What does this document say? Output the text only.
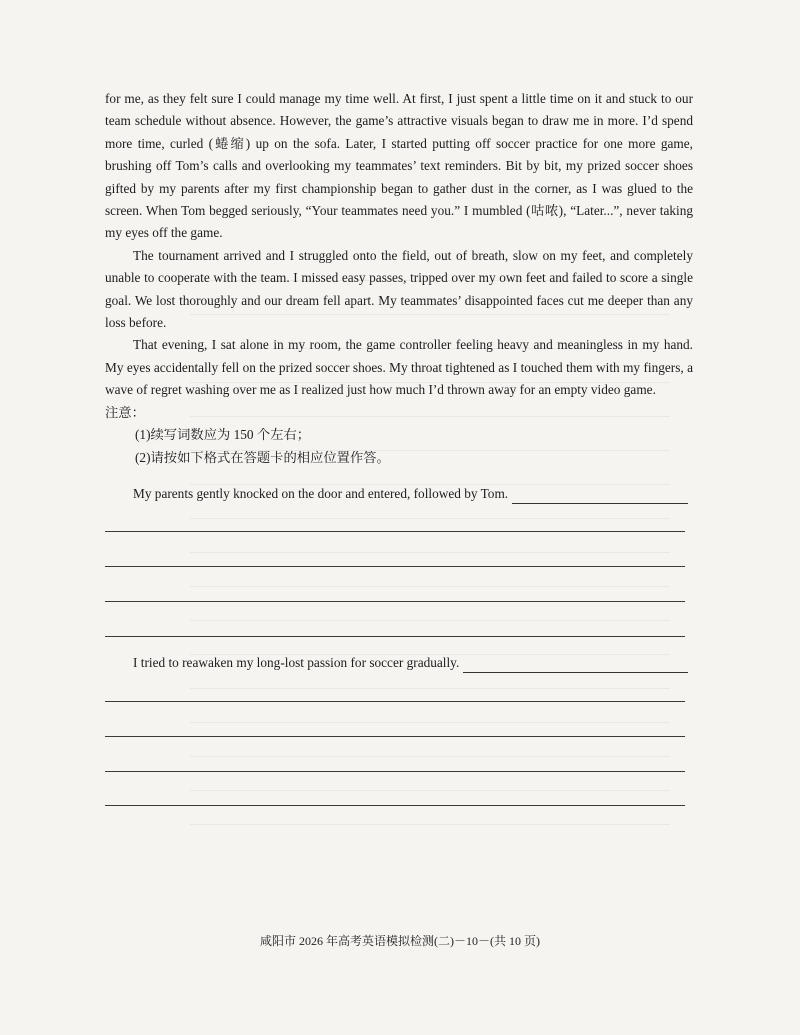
for me, as they felt sure I could manage my time well. At first, I just spent a little time on it and stuck to our team schedule without absence. However, the game’s attractive visuals began to draw me in more. I’d spend more time, curled (蜷缩) up on the sofa. Later, I started putting off soccer practice for one more game, brushing off Tom’s calls and overlooking my teammates’ text reminders. Bit by bit, my prized soccer shoes gifted by my parents after my first championship began to gather dust in the corner, as I was glued to the screen. When Tom begged seriously, “Your teammates need you.” I mumbled (咕哝), “Later...”, never taking my eyes off the game.

The tournament arrived and I struggled onto the field, out of breath, slow on my feet, and completely unable to cooperate with the team. I missed easy passes, tripped over my own feet and failed to score a single goal. We lost thoroughly and our dream fell apart. My teammates’ disappointed faces cut me deeper than any loss before.

That evening, I sat alone in my room, the game controller feeling heavy and meaningless in my hand. My eyes accidentally fell on the prized soccer shoes. My throat tightened as I touched them with my fingers, a wave of regret washing over me as I realized just how much I’d thrown away for an empty video game.

注意：

(1)续写词数应为 150 个左右；

(2)请按如下格式在答题卡的相应位置作答。

My parents gently knocked on the door and entered, followed by Tom.
I tried to reawaken my long-lost passion for soccer gradually.
咸阳市 2026 年高考英语模拟检测(二)－10－(共 10 页)
